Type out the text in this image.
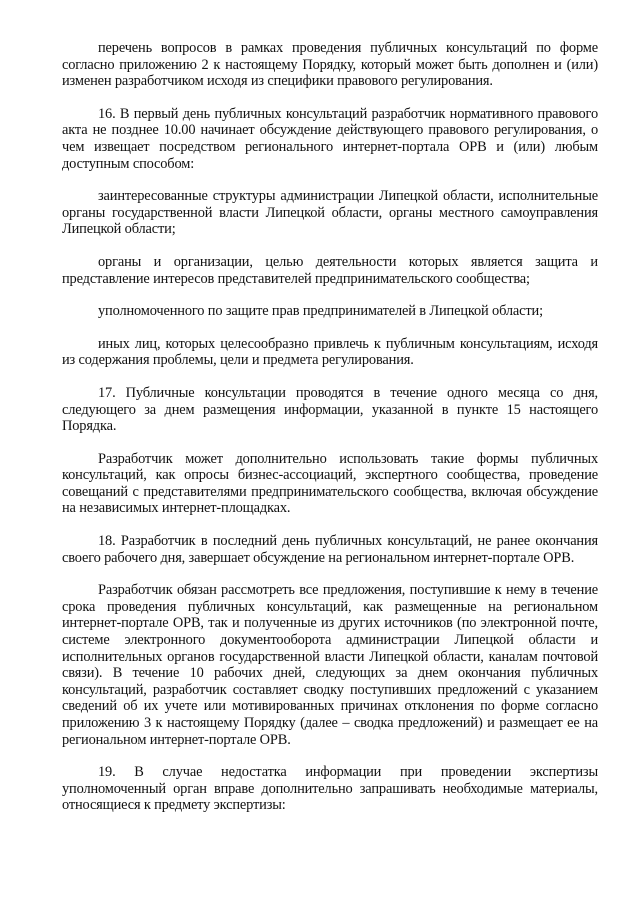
перечень вопросов в рамках проведения публичных консультаций по форме согласно приложению 2 к настоящему Порядку, который может быть дополнен и (или) изменен разработчиком исходя из специфики правового регулирования.

16. В первый день публичных консультаций разработчик нормативного правового акта не позднее 10.00 начинает обсуждение действующего правового регулирования, о чем извещает посредством регионального интернет-портала ОРВ и (или) любым доступным способом:

заинтересованные структуры администрации Липецкой области, исполнительные органы государственной власти Липецкой области, органы местного самоуправления Липецкой области;

органы и организации, целью деятельности которых является защита и представление интересов представителей предпринимательского сообщества;

уполномоченного по защите прав предпринимателей в Липецкой области;

иных лиц, которых целесообразно привлечь к публичным консультациям, исходя из содержания проблемы, цели и предмета регулирования.

17. Публичные консультации проводятся в течение одного месяца со дня, следующего за днем размещения информации, указанной в пункте 15 настоящего Порядка.

Разработчик может дополнительно использовать такие формы публичных консультаций, как опросы бизнес-ассоциаций, экспертного сообщества, проведение совещаний с представителями предпринимательского сообщества, включая обсуждение на независимых интернет-площадках.

18. Разработчик в последний день публичных консультаций, не ранее окончания своего рабочего дня, завершает обсуждение на региональном интернет-портале ОРВ.

Разработчик обязан рассмотреть все предложения, поступившие к нему в течение срока проведения публичных консультаций, как размещенные на региональном интернет-портале ОРВ, так и полученные из других источников (по электронной почте, системе электронного документооборота администрации Липецкой области и исполнительных органов государственной власти Липецкой области, каналам почтовой связи). В течение 10 рабочих дней, следующих за днем окончания публичных консультаций, разработчик составляет сводку поступивших предложений с указанием сведений об их учете или мотивированных причинах отклонения по форме согласно приложению 3 к настоящему Порядку (далее – сводка предложений) и размещает ее на региональном интернет-портале ОРВ.

19. В случае недостатка информации при проведении экспертизы уполномоченный орган вправе дополнительно запрашивать необходимые материалы, относящиеся к предмету экспертизы:
